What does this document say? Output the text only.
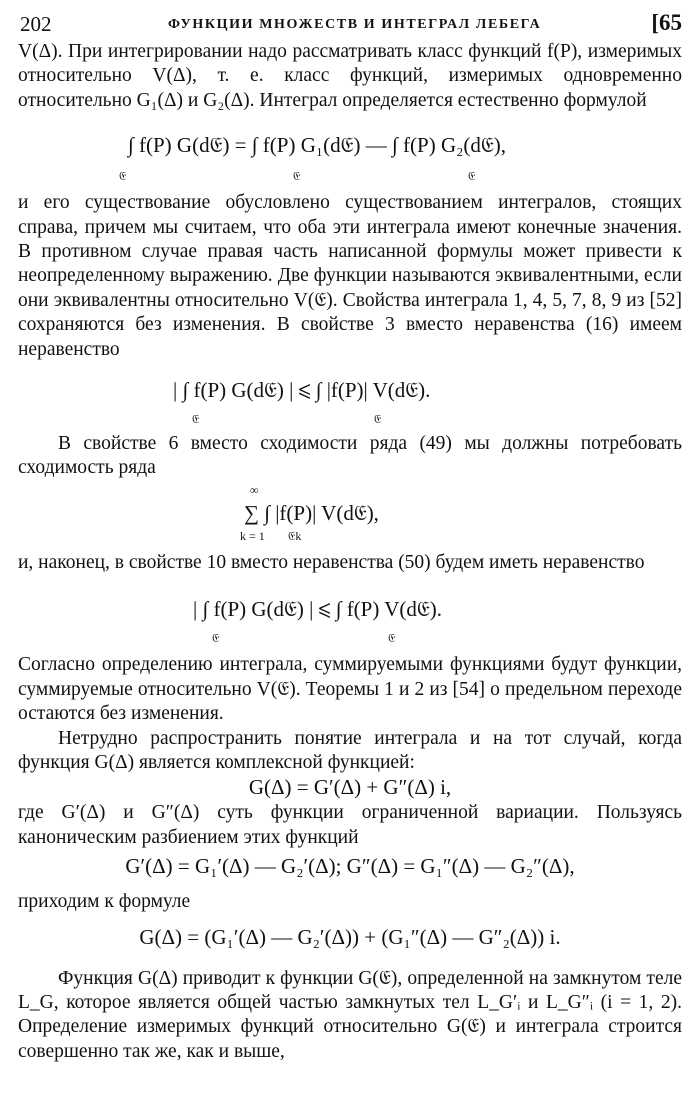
202	ФУНКЦИИ МНОЖЕСТВ И ИНТЕГРАЛ ЛЕБЕГА	[65

V(Δ). При интегрировании надо рассматривать класс функций f(P), измеримых относительно V(Δ), т. е. класс функций, измеримых одновременно относительно G₁(Δ) и G₂(Δ). Интеграл определяется естественно формулой

∫ f(P) G(d𝔈) = ∫ f(P) G₁(d𝔈) — ∫ f(P) G₂(d𝔈),
𝔈	𝔈	𝔈

и его существование обусловлено существованием интегралов, стоящих справа, причем мы считаем, что оба эти интеграла имеют конечные значения. В противном случае правая часть написанной формулы может привести к неопределенному выражению. Две функции называются эквивалентными, если они эквивалентны относительно V(𝔈). Свойства интеграла 1, 4, 5, 7, 8, 9 из [52] сохраняются без изменения. В свойстве 3 вместо неравенства (16) имеем неравенство

| ∫ f(P) G(d𝔈) | ⩽ ∫ |f(P)| V(d𝔈).
𝔈	𝔈

В свойстве 6 вместо сходимости ряда (49) мы должны потребовать сходимость ряда

∞
∑ ∫ |f(P)| V(d𝔈),
k = 1 𝔈k

и, наконец, в свойстве 10 вместо неравенства (50) будем иметь неравенство

| ∫ f(P) G(d𝔈) | ⩽ ∫ f(P) V(d𝔈).
𝔈	𝔈

Согласно определению интеграла, суммируемыми функциями будут функции, суммируемые относительно V(𝔈). Теоремы 1 и 2 из [54] о предельном переходе остаются без изменения.

Нетрудно распространить понятие интеграла и на тот случай, когда функция G(Δ) является комплексной функцией:

G(Δ) = G′(Δ) + G″(Δ) i,

где G′(Δ) и G″(Δ) суть функции ограниченной вариации. Пользуясь каноническим разбиением этих функций

G′(Δ) = G₁′(Δ) — G₂′(Δ); G″(Δ) = G₁″(Δ) — G₂″(Δ),

приходим к формуле

G(Δ) = (G₁′(Δ) — G₂′(Δ)) + (G₁″(Δ) — G″₂(Δ)) i.

Функция G(Δ) приводит к функции G(𝔈), определенной на замкнутом теле L_G, которое является общей частью замкнутых тел L_G′ᵢ и L_G″ᵢ (i = 1, 2). Определение измеримых функций относительно G(𝔈) и интеграла строится совершенно так же, как и выше,
